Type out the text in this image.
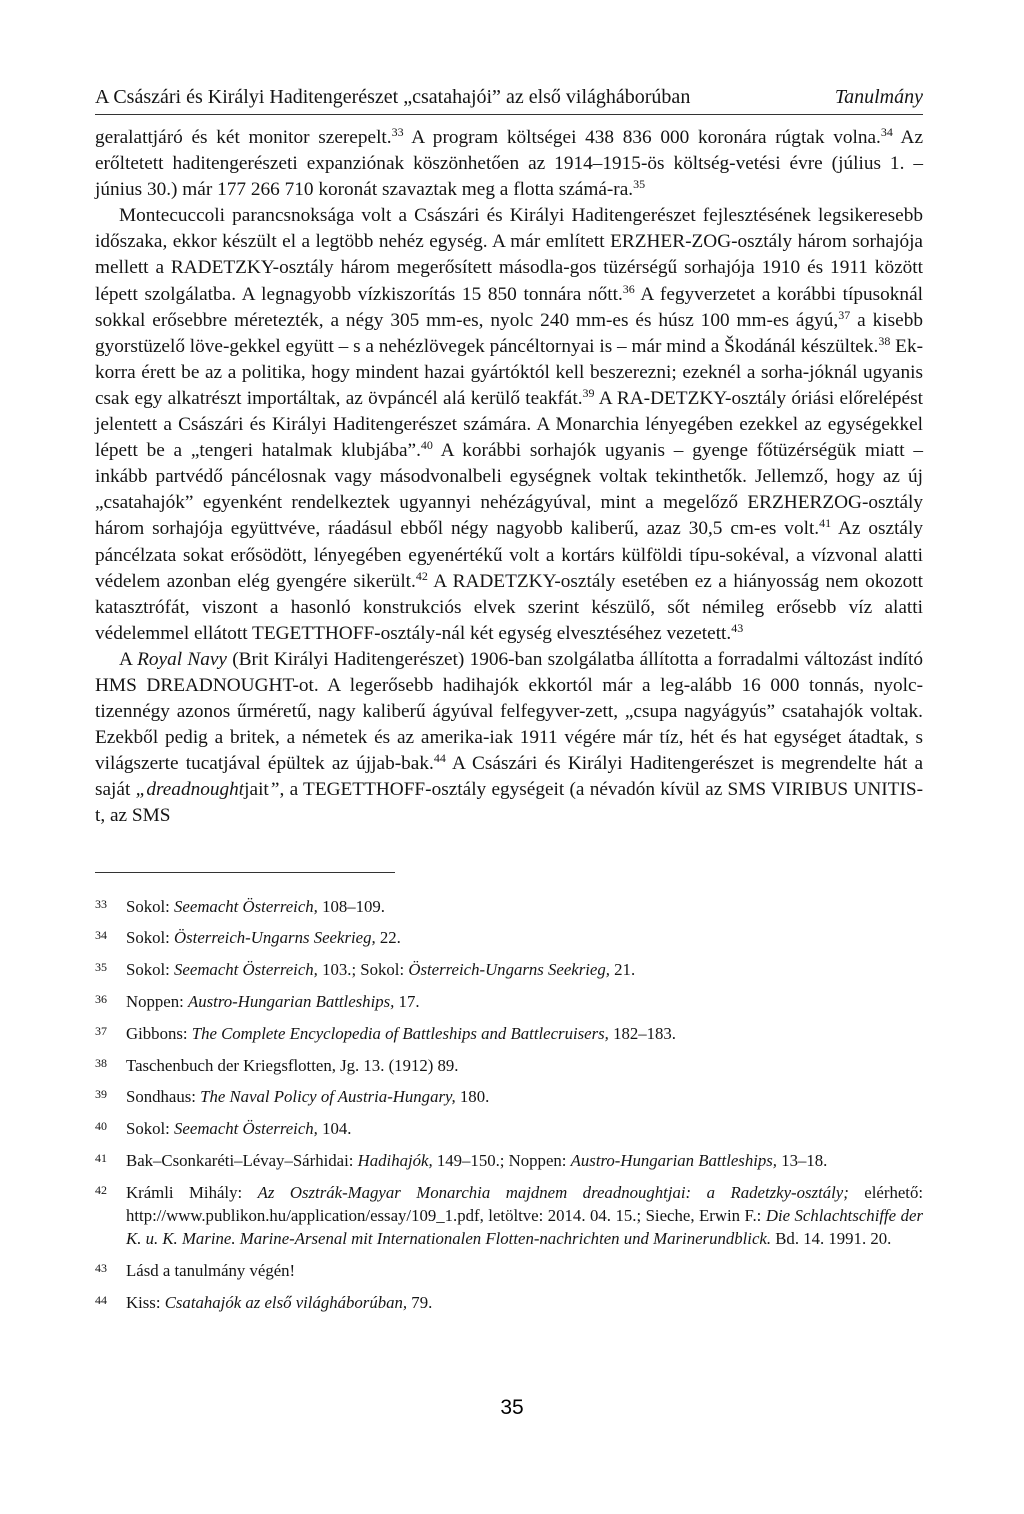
A Császári és Királyi Haditengerészet „csatahajói” az első világháborúban	Tanulmány

geralattjáró és két monitor szerepelt.$^{33}$ A program költségei 438 836 000 koronára rúgtak volna.$^{34}$ Az erőltetett haditengerészeti expanziónak köszönhetően az 1914–1915-ös költség-vetési évre (július 1. – június 30.) már 177 266 710 koronát szavaztak meg a flotta számá-ra.$^{35}$

Montecuccoli parancsnoksága volt a Császári és Királyi Haditengerészet fejlesztésének legsikeresebb időszaka, ekkor készült el a legtöbb nehéz egység. A már említett ERZHER-ZOG-osztály három sorhajója mellett a RADETZKY-osztály három megerősített másodla-gos tüzérségű sorhajója 1910 és 1911 között lépett szolgálatba. A legnagyobb vízkiszorítás 15 850 tonnára nőtt.$^{36}$ A fegyverzetet a korábbi típusoknál sokkal erősebbre méretezték, a négy 305 mm-es, nyolc 240 mm-es és húsz 100 mm-es ágyú,$^{37}$ a kisebb gyorstüzelő löve-gekkel együtt – s a nehézlövegek páncéltornyai is – már mind a Škodánál készültek.$^{38}$ Ek-korra érett be az a politika, hogy mindent hazai gyártóktól kell beszerezni; ezeknél a sorha-jóknál ugyanis csak egy alkatrészt importáltak, az övpáncél alá kerülő teakfát.$^{39}$ A RA-DETZKY-osztály óriási előrelépést jelentett a Császári és Királyi Haditengerészet számára. A Monarchia lényegében ezekkel az egységekkel lépett be a „tengeri hatalmak klubjába”.$^{40}$ A korábbi sorhajók ugyanis – gyenge főtüzérségük miatt – inkább partvédő páncélosnak vagy másodvonalbeli egységnek voltak tekinthetők. Jellemző, hogy az új „csatahajók” egyenként rendelkeztek ugyannyi nehézágyúval, mint a megelőző ERZHERZOG-osztály három sorhajója együttvéve, ráadásul ebből négy nagyobb kaliberű, azaz 30,5 cm-es volt.$^{41}$ Az osztály páncélzata sokat erősödött, lényegében egyenértékű volt a kortárs külföldi típu-sokéval, a vízvonal alatti védelem azonban elég gyengére sikerült.$^{42}$ A RADETZKY-osztály esetében ez a hiányosság nem okozott katasztrófát, viszont a hasonló konstrukciós elvek szerint készülő, sőt némileg erősebb víz alatti védelemmel ellátott TEGETTHOFF-osztály-nál két egység elvesztéséhez vezetett.$^{43}$

A Royal Navy (Brit Királyi Haditengerészet) 1906-ban szolgálatba állította a forradalmi változást indító HMS DREADNOUGHT-ot. A legerősebb hadihajók ekkortól már a leg-alább 16 000 tonnás, nyolc-tizennégy azonos űrméretű, nagy kaliberű ágyúval felfegyver-zett, „csupa nagyágyús” csatahajók voltak. Ezekből pedig a britek, a németek és az amerika-iak 1911 végére már tíz, hét és hat egységet átadtak, s világszerte tucatjával épültek az újjab-bak.$^{44}$ A Császári és Királyi Haditengerészet is megrendelte hát a saját „dreadnoughtjait”, a TEGETTHOFF-osztály egységeit (a névadón kívül az SMS VIRIBUS UNITIS-t, az SMS

33	Sokol: Seemacht Österreich, 108–109.
34	Sokol: Österreich-Ungarns Seekrieg, 22.
35	Sokol: Seemacht Österreich, 103.; Sokol: Österreich-Ungarns Seekrieg, 21.
36	Noppen: Austro-Hungarian Battleships, 17.
37	Gibbons: The Complete Encyclopedia of Battleships and Battlecruisers, 182–183.
38	Taschenbuch der Kriegsflotten, Jg. 13. (1912) 89.
39	Sondhaus: The Naval Policy of Austria-Hungary, 180.
40	Sokol: Seemacht Österreich, 104.
41	Bak–Csonkaréti–Lévay–Sárhidai: Hadihajók, 149–150.; Noppen: Austro-Hungarian Battleships, 13–18.
42	Krámli Mihály: Az Osztrák-Magyar Monarchia majdnem dreadnoughtjai: a Radetzky-osztály; elérhető: http://www.publikon.hu/application/essay/109_1.pdf, letöltve: 2014. 04. 15.; Sieche, Erwin F.: Die Schlachtschiffe der K. u. K. Marine. Marine-Arsenal mit Internationalen Flotten-nachrichten und Marinerundblick. Bd. 14. 1991. 20.
43	Lásd a tanulmány végén!
44	Kiss: Csatahajók az első világháborúban, 79.
35
